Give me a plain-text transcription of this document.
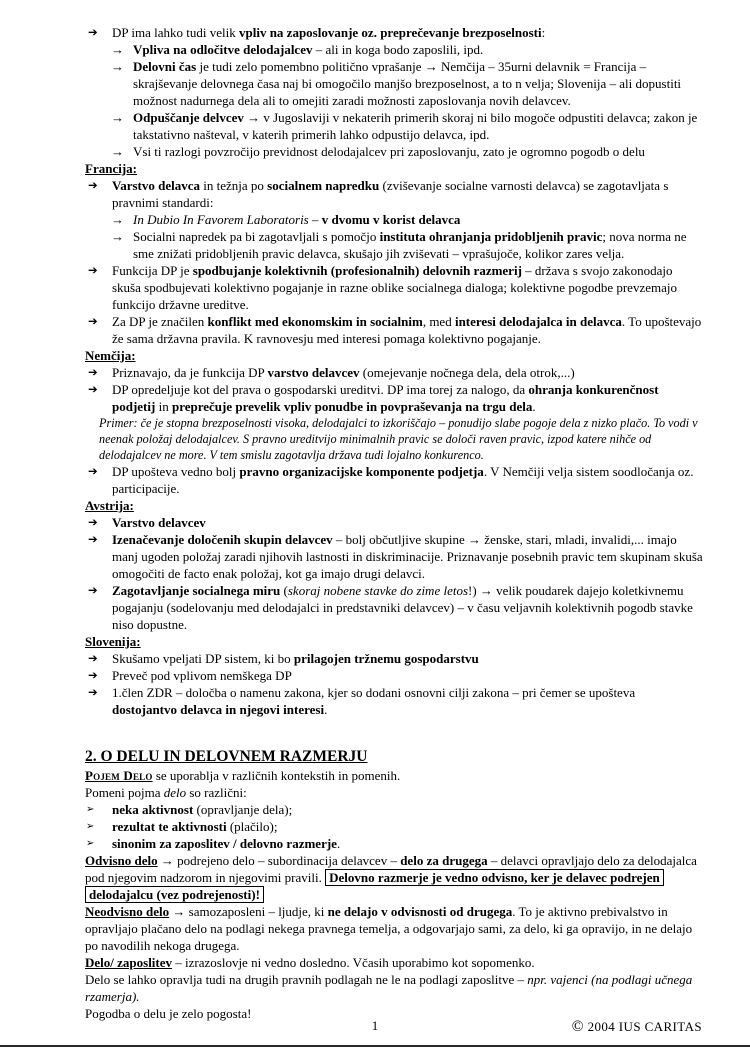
➔ DP ima lahko tudi velik vpliv na zaposlovanje oz. preprečevanje brezposelnosti:
→ Vpliva na odločitve delodajalcev – ali in koga bodo zaposlili, ipd.
→ Delovni čas je tudi zelo pomembno politično vprašanje → Nemčija – 35urni delavnik = Francija – skrajševanje delovnega časa naj bi omogočilo manjšo brezposelnost, a to n velja; Slovenija – ali dopustiti možnost nadurnega dela ali to omejiti zaradi možnosti zaposlovanja novih delavcev.
→ Odpuščanje delvcev → v Jugoslaviji v nekaterih primerih skoraj ni bilo mogoče odpustiti delavca; zakon je takstativno našteval, v katerih primerih lahko odpustijo delavca, ipd.
→ Vsi ti razlogi povzročijo previdnost delodajalcev pri zaposlovanju, zato je ogromno pogodb o delu
Francija:
➔ Varstvo delavca in težnja po socialnem napredku (zviševanje socialne varnosti delavca) se zagotavljata s pravnimi standardi:
→ In Dubio In Favorem Laboratoris – v dvomu v korist delavca
→ Socialni napredek pa bi zagotavljali s pomočjo instituta ohranjanja pridobljenih pravic; nova norma ne sme znižati pridobljenih pravic delavca, skušajo jih zviševati – vprašujoče, kolikor zares velja.
➔ Funkcija DP je spodbujanje kolektivnih (profesionalnih) delovnih razmerij – država s svojo zakonodajo skuša spodbujevati kolektivno pogajanje in razne oblike socialnega dialoga; kolektivne pogodbe prevzemajo funkcijo državne ureditve.
➔ Za DP je značilen konflikt med ekonomskim in socialnim, med interesi delodajalca in delavca. To upoštevajo že sama državna pravila. K ravnovesju med interesi pomaga kolektivno pogajanje.
Nemčija:
➔ Priznavajo, da je funkcija DP varstvo delavcev (omejevanje nočnega dela, dela otrok,...)
➔ DP opredeljuje kot del prava o gospodarski ureditvi. DP ima torej za nalogo, da ohranja konkurenčnost podjetij in preprečuje prevelik vpliv ponudbe in povpraševanja na trgu dela.
Primer: če je stopna brezposelnosti visoka, delodajalci to izkoriščajo – ponudijo slabe pogoje dela z nizko plačo. To vodi v neenak položaj delodajalcev. S pravno ureditvijo minimalnih pravic se določi raven pravic, izpod katere nihče od delodajalcev ne more. V tem smislu zagotavlja država tudi lojalno konkurenco.
➔ DP upošteva vedno bolj pravno organizacijske komponente podjetja. V Nemčiji velja sistem soodločanja oz. participacije.
Avstrija:
➔ Varstvo delavcev
➔ Izenačevanje določenih skupin delavcev – bolj občutljive skupine → ženske, stari, mladi, invalidi,... imajo manj ugoden položaj zaradi njihovih lastnosti in diskriminacije. Priznavanje posebnih pravic tem skupinam skuša omogočiti de facto enak položaj, kot ga imajo drugi delavci.
➔ Zagotavljanje socialnega miru (skoraj nobene stavke do zime letos!) → velik poudarek dajejo koletkivnemu pogajanju (sodelovanju med delodajalci in predstavniki delavcev) – v času veljavnih kolektivnih pogodb stavke niso dopustne.
Slovenija:
➔ Skušamo vpeljati DP sistem, ki bo prilagojen tržnemu gospodarstvu
➔ Preveč pod vplivom nemškega DP
➔ 1.člen ZDR – določba o namenu zakona, kjer so dodani osnovni cilji zakona – pri čemer se upošteva dostojantvo delavca in njegovi interesi.
2. O DELU IN DELOVNEM RAZMERJU
Pojem Delo se uporablja v različnih kontekstih in pomenih.
Pomeni pojma delo so različni:
➢ neka aktivnost (opravljanje dela);
➢ rezultat te aktivnosti (plačilo);
➢ sinonim za zaposlitev / delovno razmerje.
Odvisno delo → podrejeno delo – subordinacija delavcev – delo za drugega – delavci opravljajo delo za delodajalca pod njegovim nadzorom in njegovimi pravili. Delovno razmerje je vedno odvisno, ker je delavec podrejen delodajalcu (vez podrejenosti)!
Neodvisno delo → samozaposleni – ljudje, ki ne delajo v odvisnosti od drugega. To je aktivno prebivalstvo in opravljajo plačano delo na podlagi nekega pravnega temelja, a odgovarjajo sami, za delo, ki ga opravijo, in ne delajo po navodilih nekoga drugega.
Delo/ zaposlitev – izrazoslovje ni vedno dosledno. Včasih uporabimo kot sopomenko.
Delo se lahko opravlja tudi na drugih pravnih podlagah ne le na podlagi zaposlitve – npr. vajenci (na podlagi učnega rzamerja).
Pogodba o delu je zelo pogosta!
1	© 2004 IUS CARITAS
